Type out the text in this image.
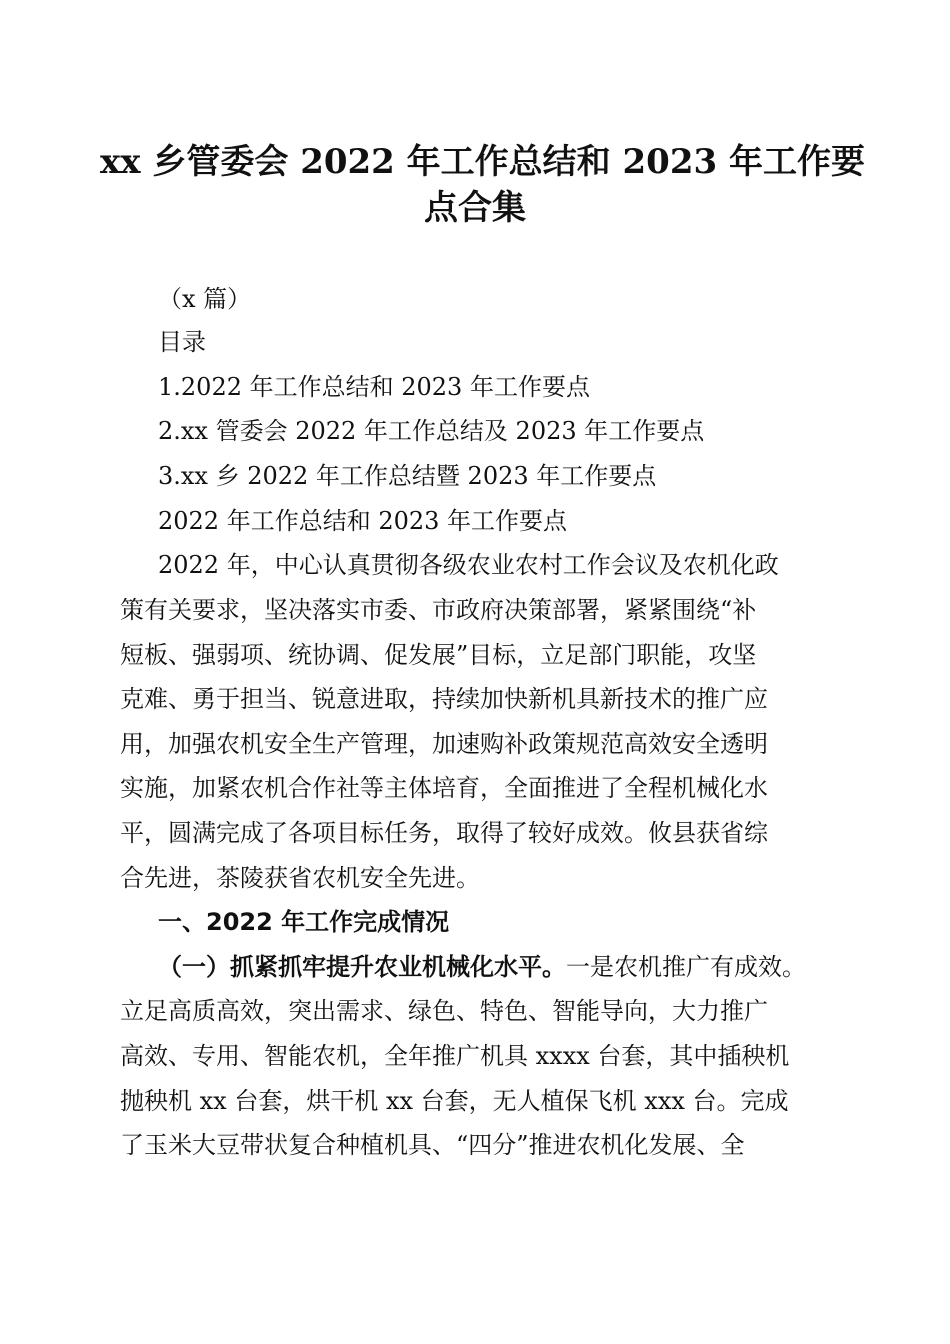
xx 乡管委会 2022 年工作总结和 2023 年工作要
点合集
（x 篇）
目录
1.2022 年工作总结和 2023 年工作要点
2.xx 管委会 2022 年工作总结及 2023 年工作要点
3.xx 乡 2022 年工作总结暨 2023 年工作要点
2022 年工作总结和 2023 年工作要点
2022 年，中心认真贯彻各级农业农村工作会议及农机化政
策有关要求，坚决落实市委、市政府决策部署，紧紧围绕“补
短板、强弱项、统协调、促发展”目标，立足部门职能，攻坚
克难、勇于担当、锐意进取，持续加快新机具新技术的推广应
用，加强农机安全生产管理，加速购补政策规范高效安全透明
实施，加紧农机合作社等主体培育，全面推进了全程机械化水
平，圆满完成了各项目标任务，取得了较好成效。攸县获省综
合先进，茶陵获省农机安全先进。
一、2022 年工作完成情况
（一）抓紧抓牢提升农业机械化水平。一是农机推广有成效。
立足高质高效，突出需求、绿色、特色、智能导向，大力推广
高效、专用、智能农机，全年推广机具 xxxx 台套，其中插秧机
抛秧机 xx 台套，烘干机 xx 台套，无人植保飞机 xxx 台。完成
了玉米大豆带状复合种植机具、“四分”推进农机化发展、全
